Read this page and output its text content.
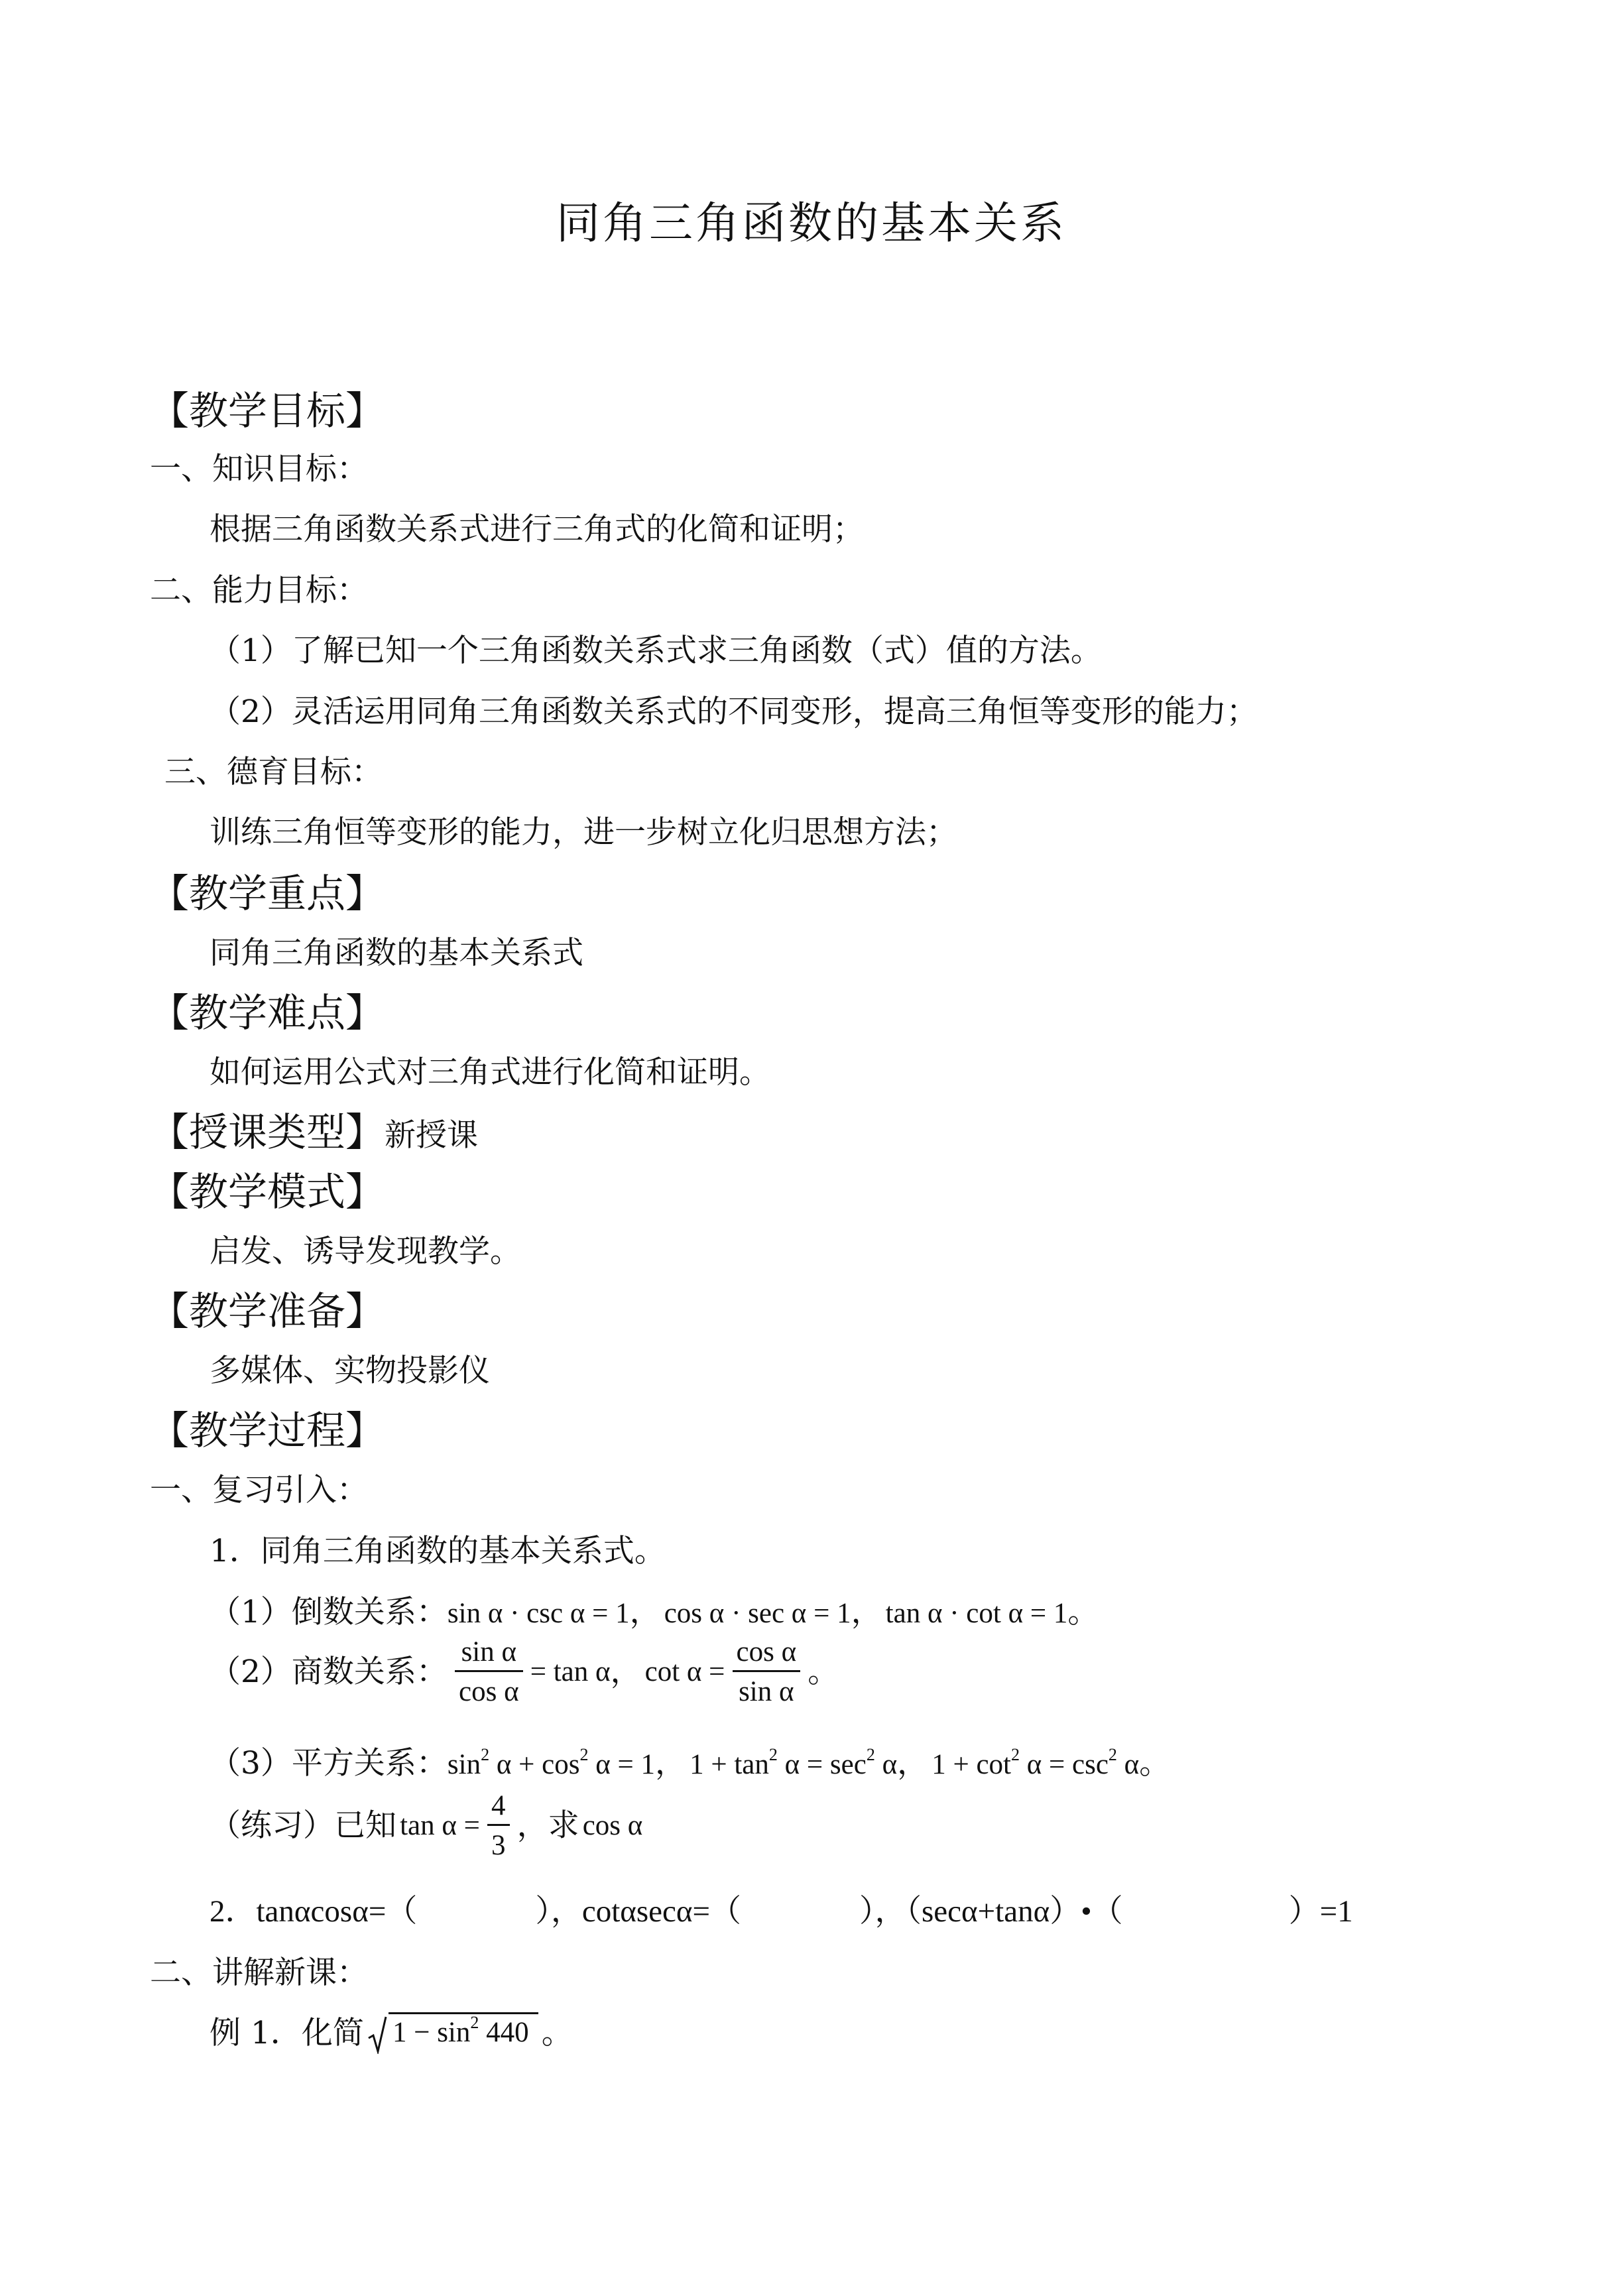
同角三角函数的基本关系
【教学目标】
一、知识目标：
根据三角函数关系式进行三角式的化简和证明；
二、能力目标：
（1）了解已知一个三角函数关系式求三角函数（式）值的方法。
（2）灵活运用同角三角函数关系式的不同变形，提高三角恒等变形的能力；
三、德育目标：
训练三角恒等变形的能力，进一步树立化归思想方法；
【教学重点】
同角三角函数的基本关系式
【教学难点】
如何运用公式对三角式进行化简和证明。
【授课类型】新授课
【教学模式】
启发、诱导发现教学。
【教学准备】
多媒体、实物投影仪
【教学过程】
一、复习引入：
1．同角三角函数的基本关系式。
（1）倒数关系：sin α · csc α = 1， cos α · sec α = 1， tan α · cot α = 1。
（2）商数关系： $\frac{\text{sin α}}{\text{cos α}} = \tan \alpha$， $\cot \alpha = \frac{\text{cos α}}{\text{sin α}}$ 。
（3）平方关系：$\sin^2 \alpha + \cos^2 \alpha = 1$， $1 + \tan^2 \alpha = \sec^2 \alpha$， $1 + \cot^2 \alpha = \csc^2 \alpha$。
（练习）已知 $\tan \alpha = \frac{4}{3}$ ，求 cos α
2．tanαcosα=（	），cotαsecα=（	），（secα+tanα）•（	）=1
二、讲解新课：
例 1．化简 $1 - \sin^2 440$ 。
